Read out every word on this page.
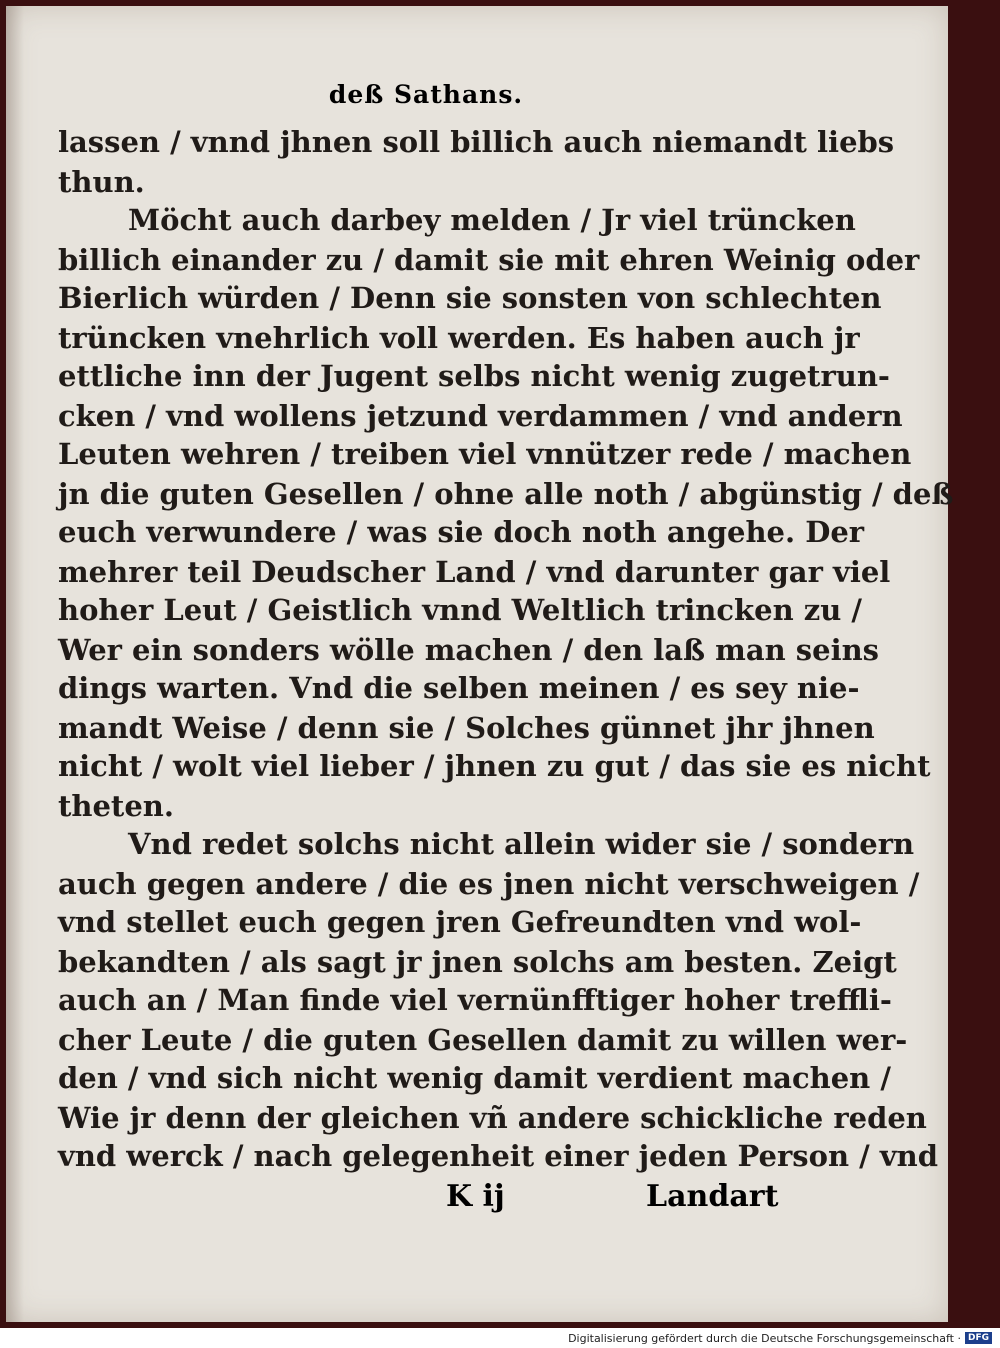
deß Sathans.
lassen / vnnd jhnen soll billich auch niemandt liebs
thun.
Möcht auch darbey melden / Jr viel trüncken
billich einander zu / damit sie mit ehren Weinig oder
Bierlich würden / Denn sie sonsten von schlechten
trüncken vnehrlich voll werden. Es haben auch jr
ettliche inn der Jugent selbs nicht wenig zugetrun-
cken / vnd wollens jetzund verdammen / vnd andern
Leuten wehren / treiben viel vnnützer rede / machen
jn die guten Gesellen / ohne alle noth / abgünstig / deß
euch verwundere / was sie doch noth angehe. Der
mehrer teil Deudscher Land / vnd darunter gar viel
hoher Leut / Geistlich vnnd Weltlich trincken zu /
Wer ein sonders wölle machen / den laß man seins
dings warten. Vnd die selben meinen / es sey nie-
mandt Weise / denn sie / Solches günnet jhr jhnen
nicht / wolt viel lieber / jhnen zu gut / das sie es nicht
theten.
Vnd redet solchs nicht allein wider sie / sondern
auch gegen andere / die es jnen nicht verschweigen /
vnd stellet euch gegen jren Gefreundten vnd wol-
bekandten / als sagt jr jnen solchs am besten. Zeigt
auch an / Man finde viel vernünfftiger hoher treffli-
cher Leute / die guten Gesellen damit zu willen wer-
den / vnd sich nicht wenig damit verdient machen /
Wie jr denn der gleichen vñ andere schickliche reden
vnd werck / nach gelegenheit einer jeden Person / vnd
K ij	Landart
Digitalisierung gefördert durch die Deutsche Forschungsgemeinschaft · DFG
